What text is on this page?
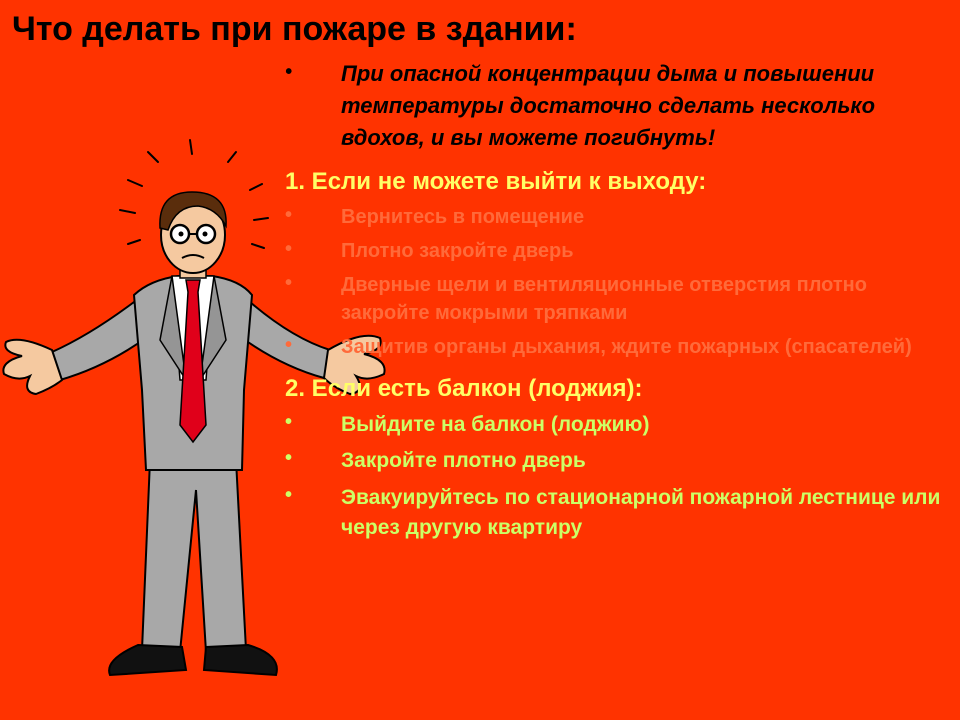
Что делать при пожаре в здании:
• При опасной концентрации дыма и повышении температуры достаточно сделать несколько вдохов, и вы можете погибнуть!
1. Если не можете выйти к выходу:
• Вернитесь в помещение
• Плотно закройте дверь
• Дверные щели и вентиляционные отверстия плотно закройте мокрыми тряпками
• Защитив органы дыхания, ждите пожарных (спасателей)
2. Если есть балкон (лоджия):
• Выйдите на балкон (лоджию)
• Закройте плотно дверь
• Эвакуируйтесь по стационарной пожарной лестнице или через другую квартиру
